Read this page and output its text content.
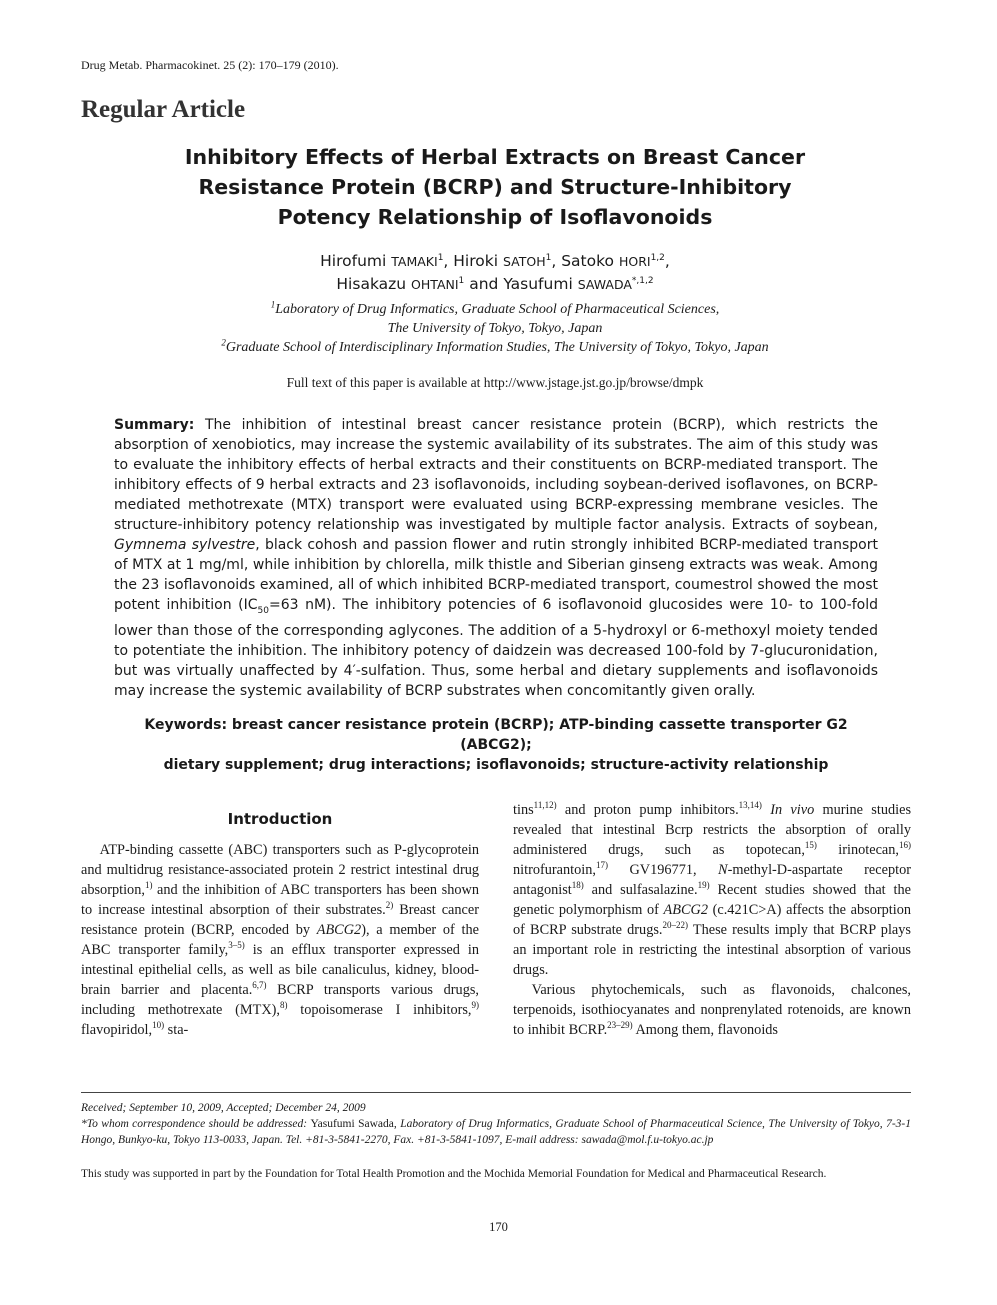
Drug Metab. Pharmacokinet. 25 (2): 170–179 (2010).
Regular Article
Inhibitory Effects of Herbal Extracts on Breast Cancer
Resistance Protein (BCRP) and Structure-Inhibitory
Potency Relationship of Isoflavonoids
Hirofumi TAMAKI$^1$, Hiroki SATOH$^1$, Satoko HORI$^{1,2}$,
Hisakazu OHTANI$^1$ and Yasufumi $SAWADA^{*,1,2}$
$^1$Laboratory of Drug Informatics, Graduate School of Pharmaceutical Sciences,
The University of Tokyo, Tokyo, Japan
$^2$Graduate School of Interdisciplinary Information Studies, The University of Tokyo, Tokyo, Japan
Full text of this paper is available at http://www.jstage.jst.go.jp/browse/dmpk
Summary: The inhibition of intestinal breast cancer resistance protein (BCRP), which restricts the absorption of xenobiotics, may increase the systemic availability of its substrates. The aim of this study was to evaluate the inhibitory effects of herbal extracts and their constituents on BCRP-mediated transport. The inhibitory effects of 9 herbal extracts and 23 isoflavonoids, including soybean-derived isoflavones, on BCRP-mediated methotrexate (MTX) transport were evaluated using BCRP-expressing membrane vesicles. The structure-inhibitory potency relationship was investigated by multiple factor analysis. Extracts of soybean, Gymnema sylvestre, black cohosh and passion flower and rutin strongly inhibited BCRP-mediated transport of MTX at 1 mg/ml, while inhibition by chlorella, milk thistle and Siberian ginseng extracts was weak. Among the 23 isoflavonoids examined, all of which inhibited BCRP-mediated transport, coumestrol showed the most potent inhibition ($IC_{50}=63$ nM). The inhibitory potencies of 6 isoflavonoid glucosides were 10- to 100-fold lower than those of the corresponding aglycones. The addition of a 5-hydroxyl or 6-methoxyl moiety tended to potentiate the inhibition. The inhibitory potency of daidzein was decreased 100-fold by 7-glucuronidation, but was virtually unaffected by 4′-sulfation. Thus, some herbal and dietary supplements and isoflavonoids may increase the systemic availability of BCRP substrates when concomitantly given orally.
Keywords: breast cancer resistance protein (BCRP); ATP-binding cassette transporter G2 (ABCG2);
dietary supplement; drug interactions; isoflavonoids; structure-activity relationship
Introduction

ATP-binding cassette (ABC) transporters such as P-glycoprotein and multidrug resistance-associated protein 2 restrict intestinal drug absorption,$^{1)}$ and the inhibition of ABC transporters has been shown to increase intestinal absorption of their substrates.$^{2)}$ Breast cancer resistance protein (BCRP, encoded by ABCG2), a member of the ABC transporter family,$^{3-5)}$ is an efflux transporter expressed in intestinal epithelial cells, as well as bile canaliculus, kidney, blood-brain barrier and placenta.$^{6,7)}$ BCRP transports various drugs, including methotrexate (MTX),$^{8)}$ topoisomerase I inhibitors,$^{9)}$ flavopiridol,$^{10)}$ sta-

tins$^{11,12)}$ and proton pump inhibitors.$^{13,14)}$ In vivo murine studies revealed that intestinal Bcrp restricts the absorption of orally administered drugs, such as topotecan,$^{15)}$ irinotecan,$^{16)}$ nitrofurantoin,$^{17)}$ GV196771, N-methyl-D-aspartate receptor antagonist$^{18)}$ and sulfasalazine.$^{19)}$ Recent studies showed that the genetic polymorphism of ABCG2 (c.421C>A) affects the absorption of BCRP substrate drugs.$^{20-22)}$ These results imply that BCRP plays an important role in restricting the intestinal absorption of various drugs.

Various phytochemicals, such as flavonoids, chalcones, terpenoids, isothiocyanates and nonprenylated rotenoids, are known to inhibit BCRP.$^{23-29)}$ Among them, flavonoids

Received; September 10, 2009, Accepted; December 24, 2009
*To whom correspondence should be addressed: Yasufumi Sawada, Laboratory of Drug Informatics, Graduate School of Pharmaceutical Science, The University of Tokyo, 7-3-1 Hongo, Bunkyo-ku, Tokyo 113-0033, Japan. Tel. +81-3-5841-2270, Fax. +81-3-5841-1097, E-mail address: sawada@mol.f.u-tokyo.ac.jp
This study was supported in part by the Foundation for Total Health Promotion and the Mochida Memorial Foundation for Medical and Pharmaceutical Research.
170
